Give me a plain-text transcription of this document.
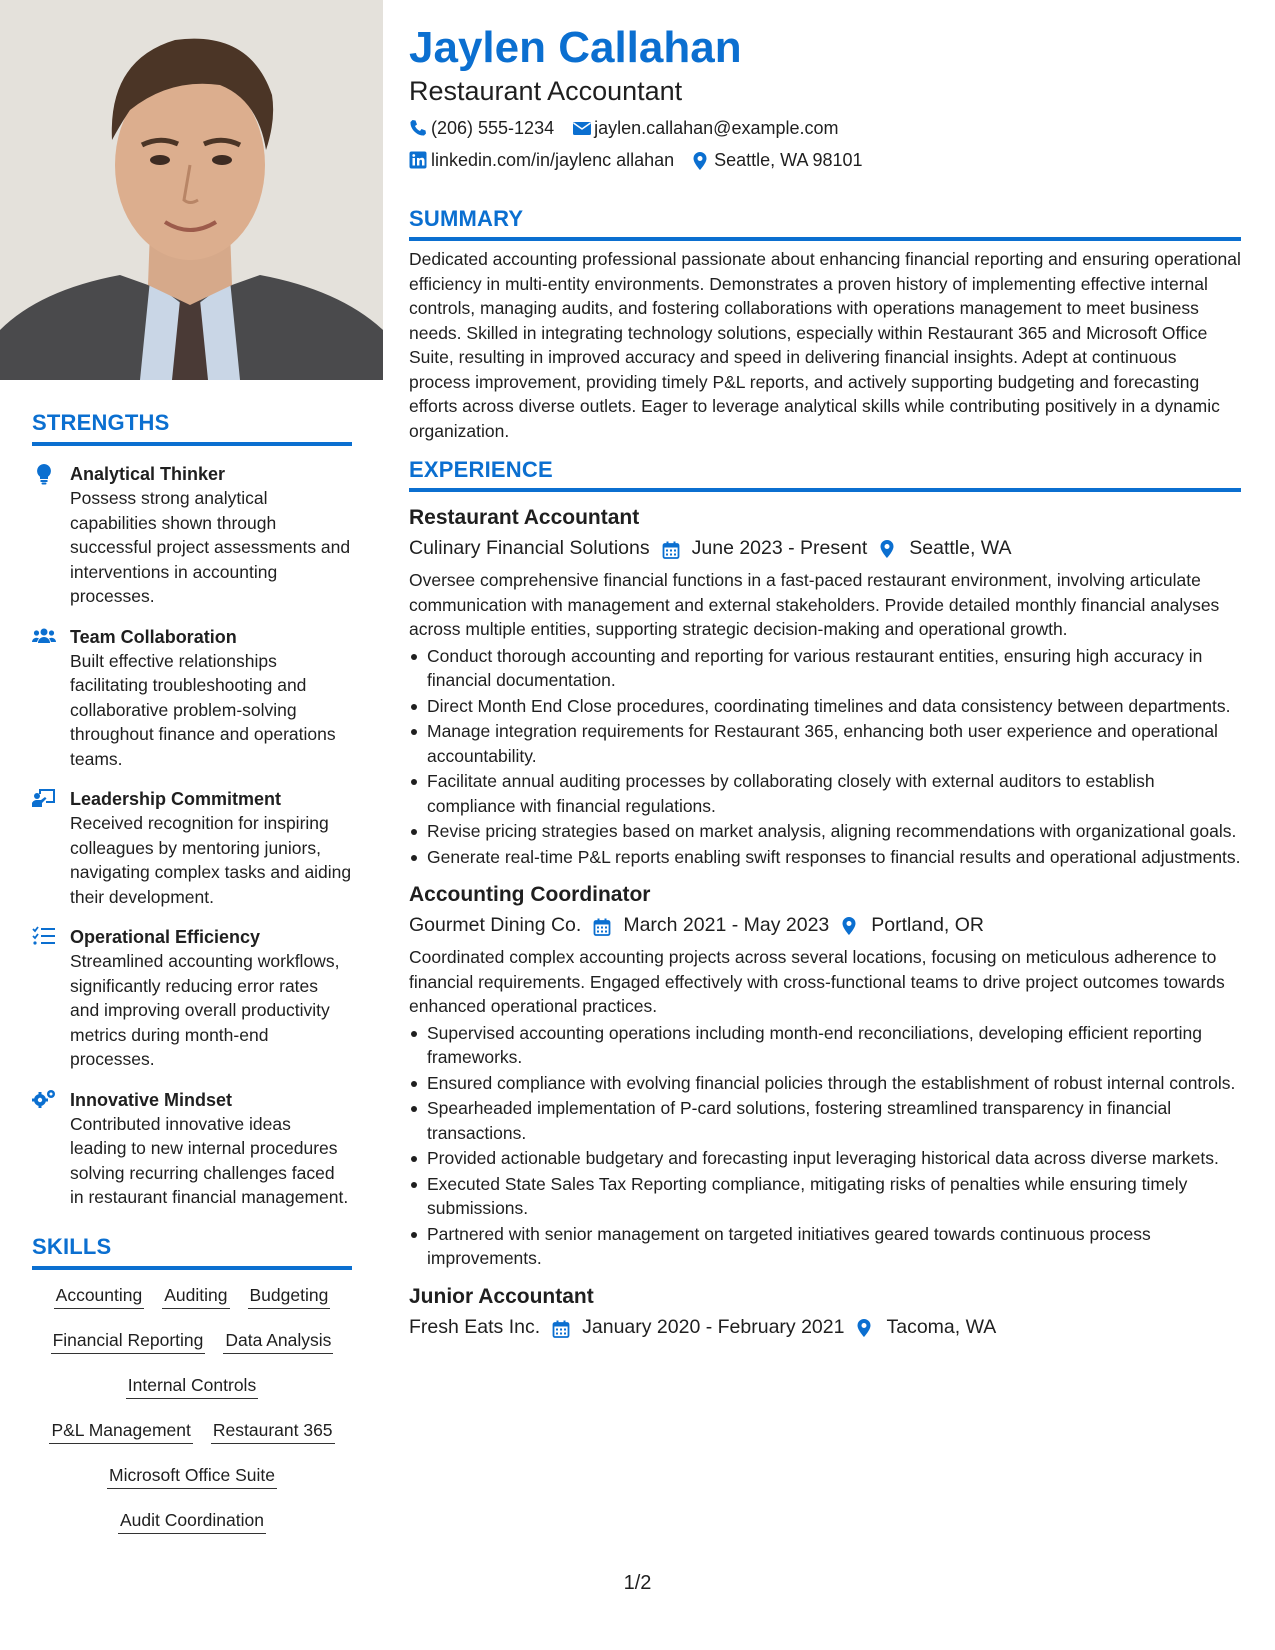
STRENGTHS
Analytical Thinker
Possess strong analytical capabilities shown through successful project assessments and interventions in accounting processes.
Team Collaboration
Built effective relationships facilitating troubleshooting and collaborative problem-solving throughout finance and operations teams.
Leadership Commitment
Received recognition for inspiring colleagues by mentoring juniors, navigating complex tasks and aiding their development.
Operational Efficiency
Streamlined accounting workflows, significantly reducing error rates and improving overall productivity metrics during month-end processes.
Innovative Mindset
Contributed innovative ideas leading to new internal procedures solving recurring challenges faced in restaurant financial management.
SKILLS
Accounting Auditing Budgeting
Financial Reporting Data Analysis
Internal Controls
P&L Management Restaurant 365
Microsoft Office Suite
Audit Coordination
Jaylen Callahan
Restaurant Accountant
(206) 555-1234 jaylen.callahan@example.com
linkedin.com/in/jaylenc allahan Seattle, WA 98101
SUMMARY
Dedicated accounting professional passionate about enhancing financial reporting and ensuring operational efficiency in multi-entity environments. Demonstrates a proven history of implementing effective internal controls, managing audits, and fostering collaborations with operations management to meet business needs. Skilled in integrating technology solutions, especially within Restaurant 365 and Microsoft Office Suite, resulting in improved accuracy and speed in delivering financial insights. Adept at continuous process improvement, providing timely P&L reports, and actively supporting budgeting and forecasting efforts across diverse outlets. Eager to leverage analytical skills while contributing positively in a dynamic organization.
EXPERIENCE
Restaurant Accountant
Culinary Financial Solutions June 2023 - Present Seattle, WA
Oversee comprehensive financial functions in a fast-paced restaurant environment, involving articulate communication with management and external stakeholders. Provide detailed monthly financial analyses across multiple entities, supporting strategic decision-making and operational growth.
Conduct thorough accounting and reporting for various restaurant entities, ensuring high accuracy in financial documentation.
Direct Month End Close procedures, coordinating timelines and data consistency between departments.
Manage integration requirements for Restaurant 365, enhancing both user experience and operational accountability.
Facilitate annual auditing processes by collaborating closely with external auditors to establish compliance with financial regulations.
Revise pricing strategies based on market analysis, aligning recommendations with organizational goals.
Generate real-time P&L reports enabling swift responses to financial results and operational adjustments.
Accounting Coordinator
Gourmet Dining Co. March 2021 - May 2023 Portland, OR
Coordinated complex accounting projects across several locations, focusing on meticulous adherence to financial requirements. Engaged effectively with cross-functional teams to drive project outcomes towards enhanced operational practices.
Supervised accounting operations including month-end reconciliations, developing efficient reporting frameworks.
Ensured compliance with evolving financial policies through the establishment of robust internal controls.
Spearheaded implementation of P-card solutions, fostering streamlined transparency in financial transactions.
Provided actionable budgetary and forecasting input leveraging historical data across diverse markets.
Executed State Sales Tax Reporting compliance, mitigating risks of penalties while ensuring timely submissions.
Partnered with senior management on targeted initiatives geared towards continuous process improvements.
Junior Accountant
Fresh Eats Inc. January 2020 - February 2021 Tacoma, WA
1/2
